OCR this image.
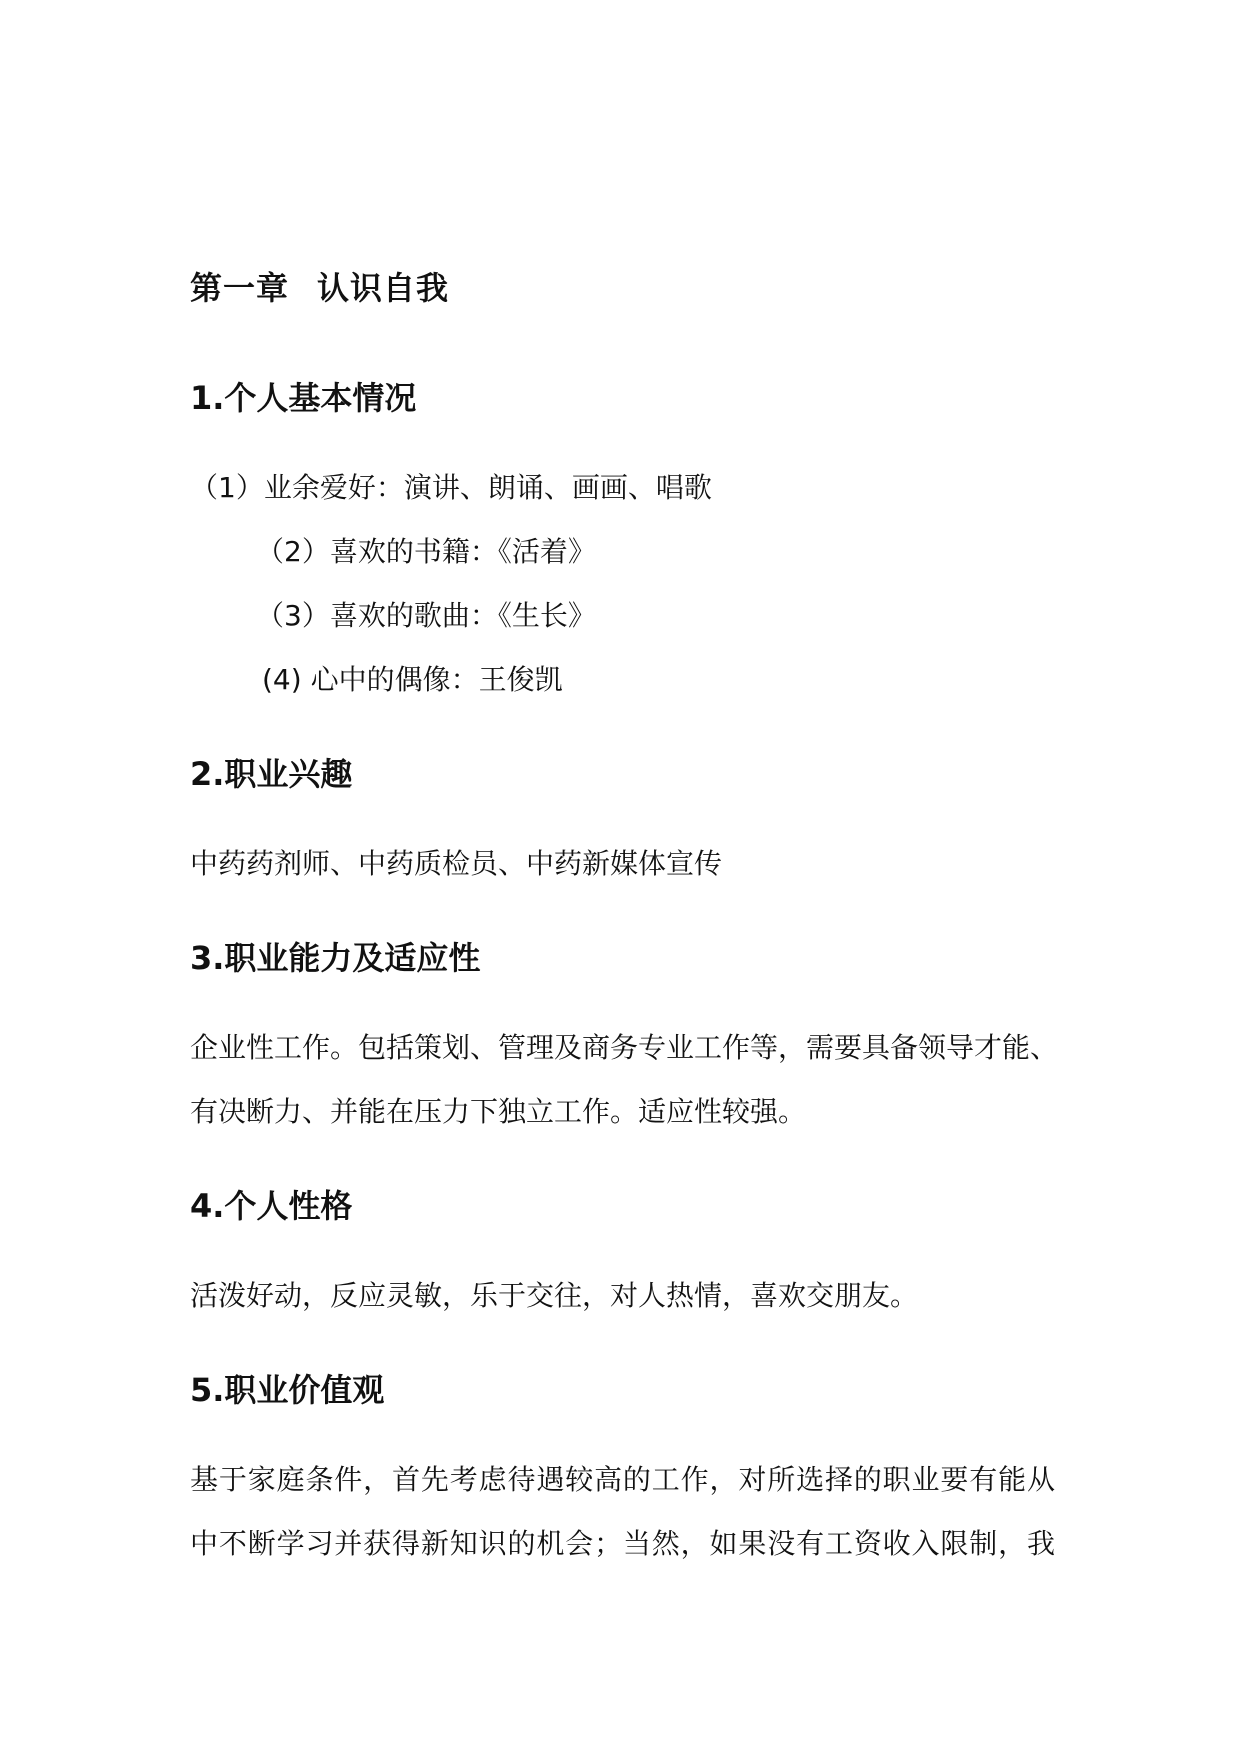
第一章 认识自我
1.个人基本情况
（1）业余爱好：演讲、朗诵、画画、唱歌
（2）喜欢的书籍：《活着》
（3）喜欢的歌曲：《生长》
(4) 心中的偶像：王俊凯
2.职业兴趣
中药药剂师、中药质检员、中药新媒体宣传
3.职业能力及适应性
企业性工作。包括策划、管理及商务专业工作等，需要具备领导才能、
有决断力、并能在压力下独立工作。适应性较强。
4.个人性格
活泼好动，反应灵敏，乐于交往，对人热情，喜欢交朋友。
5.职业价值观
基于家庭条件，首先考虑待遇较高的工作，对所选择的职业要有能从
中不断学习并获得新知识的机会；当然，如果没有工资收入限制，我
